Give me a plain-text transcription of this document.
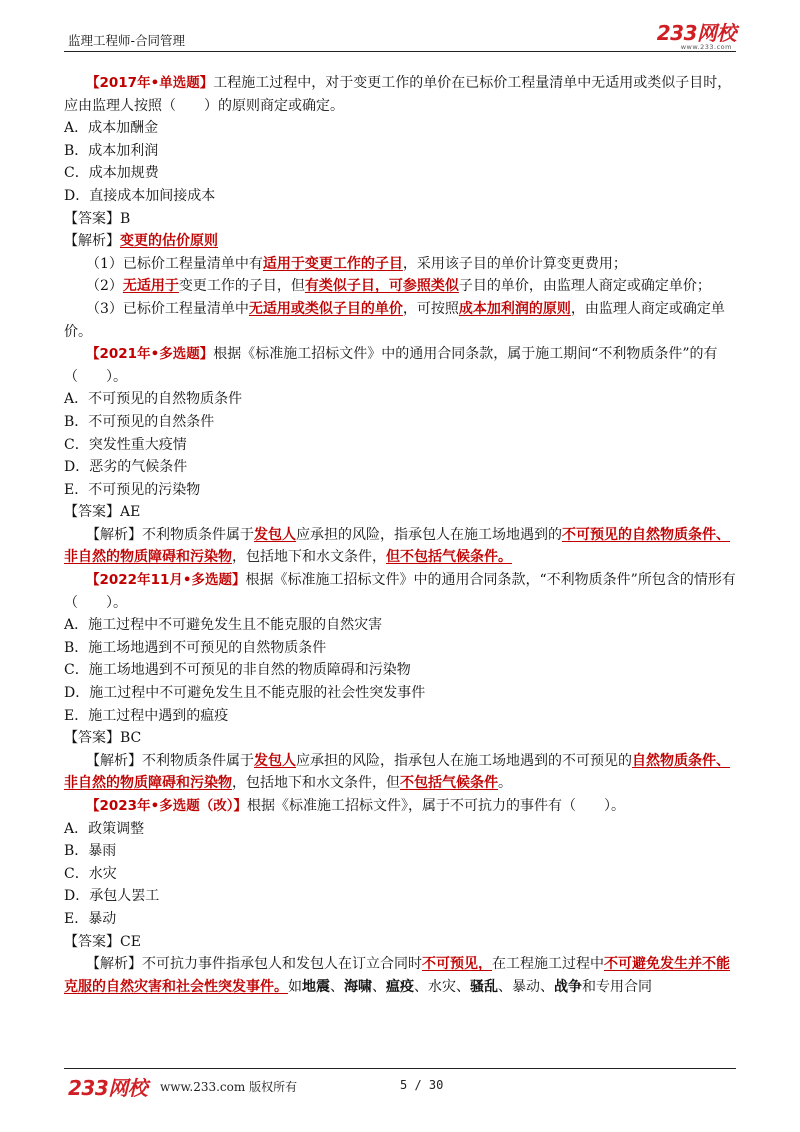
监理工程师-合同管理	233网校
www.233.com

【2017年•单选题】工程施工过程中，对于变更工作的单价在已标价工程量清单中无适用或类似子目时，应由监理人按照（　　）的原则商定或确定。

A．成本加酬金

B．成本加利润

C．成本加规费

D．直接成本加间接成本

【答案】B

【解析】变更的估价原则

（1）已标价工程量清单中有适用于变更工作的子目，采用该子目的单价计算变更费用；

（2）无适用于变更工作的子目，但有类似子目，可参照类似子目的单价，由监理人商定或确定单价；

（3）已标价工程量清单中无适用或类似子目的单价，可按照成本加利润的原则，由监理人商定或确定单价。

【2021年•多选题】根据《标准施工招标文件》中的通用合同条款，属于施工期间“不利物质条件”的有（　　）。

A．不可预见的自然物质条件

B．不可预见的自然条件

C．突发性重大疫情

D．恶劣的气候条件

E．不可预见的污染物

【答案】AE

【解析】不利物质条件属于发包人应承担的风险，指承包人在施工场地遇到的不可预见的自然物质条件、非自然的物质障碍和污染物，包括地下和水文条件，但不包括气候条件。

【2022年11月•多选题】根据《标准施工招标文件》中的通用合同条款，“不利物质条件”所包含的情形有（　　）。

A．施工过程中不可避免发生且不能克服的自然灾害

B．施工场地遇到不可预见的自然物质条件

C．施工场地遇到不可预见的非自然的物质障碍和污染物

D．施工过程中不可避免发生且不能克服的社会性突发事件

E．施工过程中遇到的瘟疫

【答案】BC

【解析】不利物质条件属于发包人应承担的风险，指承包人在施工场地遇到的不可预见的自然物质条件、非自然的物质障碍和污染物，包括地下和水文条件，但不包括气候条件。

【2023年•多选题（改）】根据《标准施工招标文件》，属于不可抗力的事件有（　　）。

A．政策调整

B．暴雨

C．水灾

D．承包人罢工

E．暴动

【答案】CE

【解析】不可抗力事件指承包人和发包人在订立合同时不可预见，在工程施工过程中不可避免发生并不能克服的自然灾害和社会性突发事件。如地震、海啸、瘟疫、水灾、骚乱、暴动、战争和专用合同

233网校 www.233.com 版权所有	5 / 30
